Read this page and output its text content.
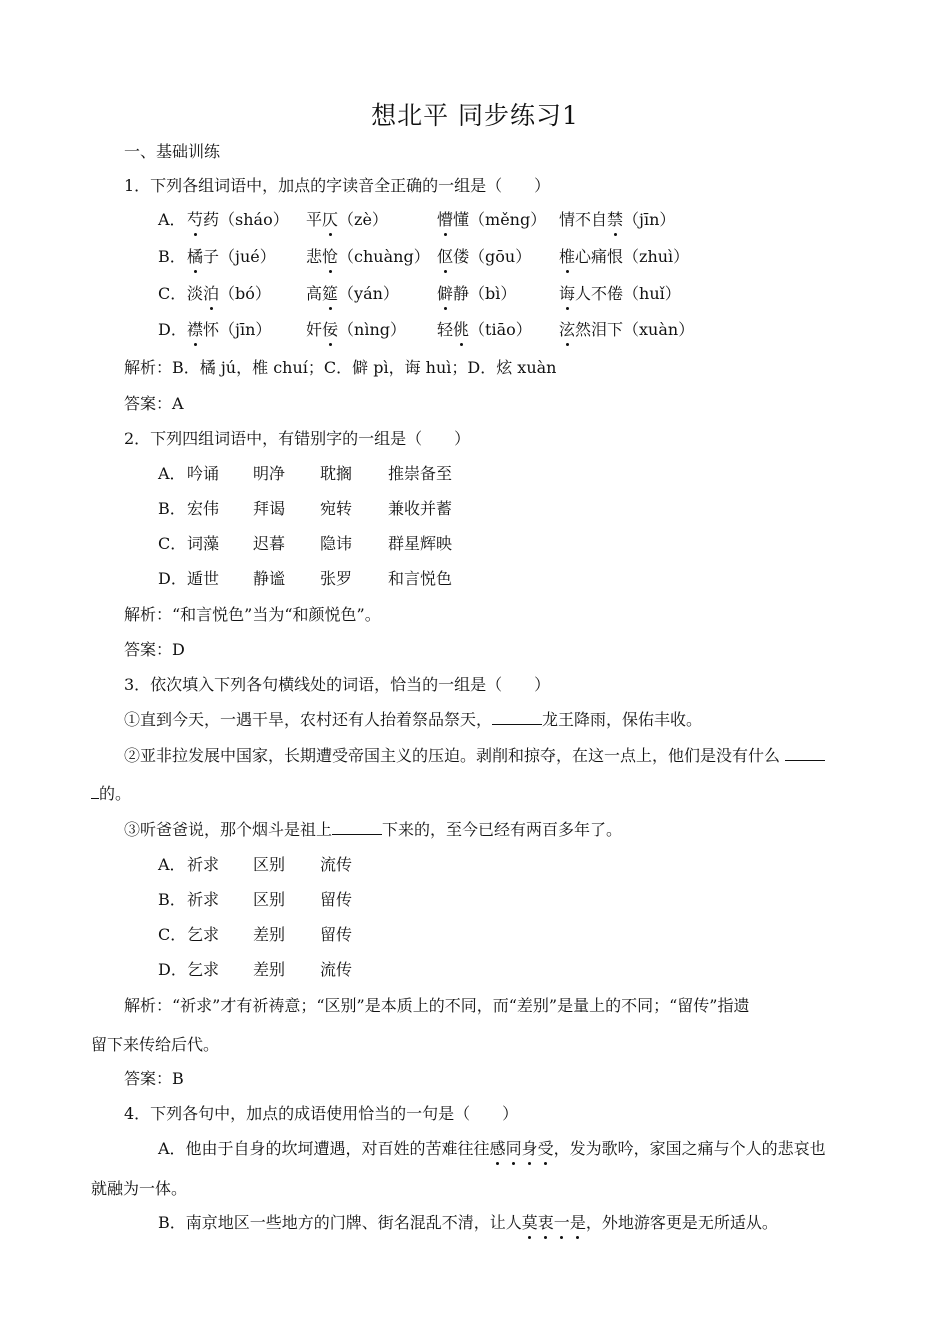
想北平 同步练习1
一、基础训练
1．下列各组词语中，加点的字读音全正确的一组是（　　）
A． 芍药（sháo） 平仄（zè）	懵懂（měng） 情不自禁（jīn）
B． 橘子（jué） 悲怆（chuàng） 伛偻（gōu） 椎心痛恨（zhuì）
C． 淡泊（bó） 高筵（yán） 僻静（bì）	诲人不倦（huǐ）
D． 襟怀（jīn） 奸佞（nìng） 轻佻（tiāo） 泫然泪下（xuàn）
解析：B．橘 jú，椎 chuí；C．僻 pì，诲 huì；D．炫 xuàn
答案：A
2．下列四组词语中，有错别字的一组是（　　）
A． 吟诵 明净 耽搁 推崇备至
B． 宏伟 拜谒 宛转 兼收并蓄
C． 词藻 迟暮 隐讳 群星辉映
D． 遁世 静谧 张罗 和言悦色
解析：“和言悦色”当为“和颜悦色”。
答案：D
3．依次填入下列各句横线处的词语，恰当的一组是（　　）
①直到今天，一遇干旱，农村还有人抬着祭品祭天，	龙王降雨，保佑丰收。
②亚非拉发展中国家，长期遭受帝国主义的压迫。剥削和掠夺，在这一点上，他们是没有什么
的。
③听爸爸说，那个烟斗是祖上	下来的，至今已经有两百多年了。
A． 祈求 区别 流传
B． 祈求 区别 留传
C． 乞求 差别 留传
D． 乞求 差别 流传
解析：“祈求”才有祈祷意；“区别”是本质上的不同，而“差别”是量上的不同；“留传”指遗
留下来传给后代。
答案：B
4．下列各句中，加点的成语使用恰当的一句是（　　）
A．他由于自身的坎坷遭遇，对百姓的苦难往往感同身受，发为歌吟，家国之痛与个人的悲哀也
就融为一体。
B．南京地区一些地方的门牌、街名混乱不清，让人莫衷一是，外地游客更是无所适从。
